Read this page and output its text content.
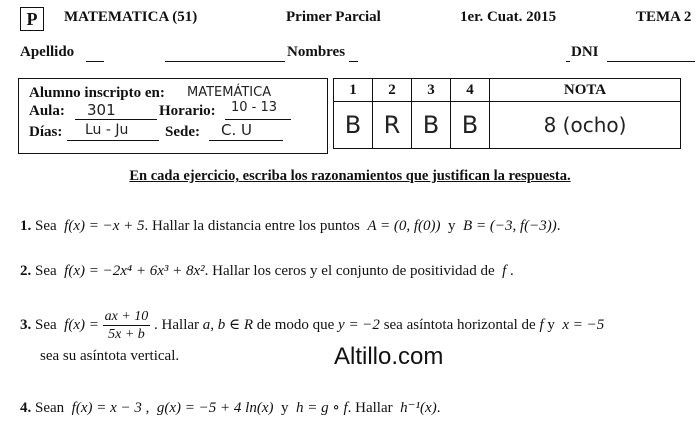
P	MATEMATICA (51)	Primer Parcial	1er. Cuat. 2015	TEMA 2
Apellido	Nombres	DNI
Alumno inscripto en: MATEMÁTICA
Aula: 301	Horario: 10 - 13
Días: Lu - Ju Sede: C. U
1	2	3	4	NOTA
B	R	B	B	8 (ocho)
En cada ejercicio, escriba los razonamientos que justifican la respuesta.
1. Sea f(x) = −x + 5. Hallar la distancia entre los puntos A = (0, f(0)) y B = (−3, f(−3)).
2. Sea f(x) = −2x⁴ + 6x³ + 8x². Hallar los ceros y el conjunto de positividad de f .
3. Sea $f(x) = \frac{ax + 10}{5x + b}$ . Hallar a, b ∈ R de modo que y = −2 sea asíntota horizontal de f y x = −5
sea su asíntota vertical.	Altillo.com
4. Sean f(x) = x − 3 , g(x) = −5 + 4 ln(x) y h = g ∘ f. Hallar h⁻¹(x).
